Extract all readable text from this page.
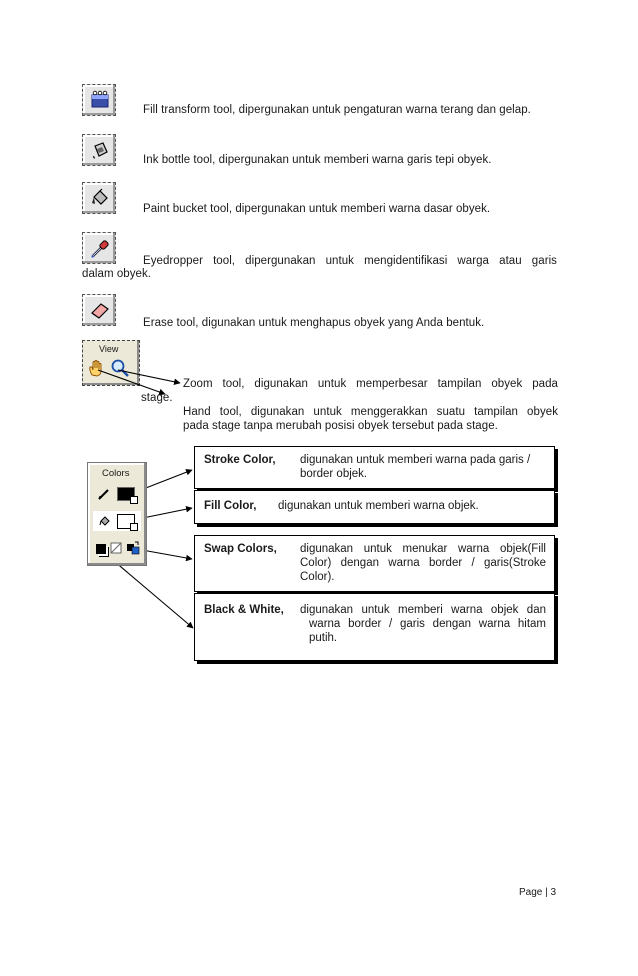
Fill transform tool, dipergunakan untuk pengaturan warna terang dan gelap.
Ink bottle tool, dipergunakan untuk memberi warna garis tepi obyek.
Paint bucket tool, dipergunakan untuk memberi warna dasar obyek.
Eyedropper tool, dipergunakan untuk mengidentifikasi warga atau garis
dalam obyek.
Erase tool, digunakan untuk menghapus obyek yang Anda bentuk.
View
Zoom tool, digunakan untuk memperbesar tampilan obyek pada
stage.
Hand tool, digunakan untuk menggerakkan suatu tampilan obyek
pada stage tanpa merubah posisi obyek tersebut pada stage.
Colors
Stroke Color, digunakan untuk memberi warna pada garis /
border objek.
Fill Color, digunakan untuk memberi warna objek.
Swap Colors, digunakan untuk menukar warna objek(Fill
Color) dengan warna border / garis(Stroke
Color).
Black & White, digunakan untuk memberi warna objek dan
warna border / garis dengan warna hitam
putih.
Page | 3
